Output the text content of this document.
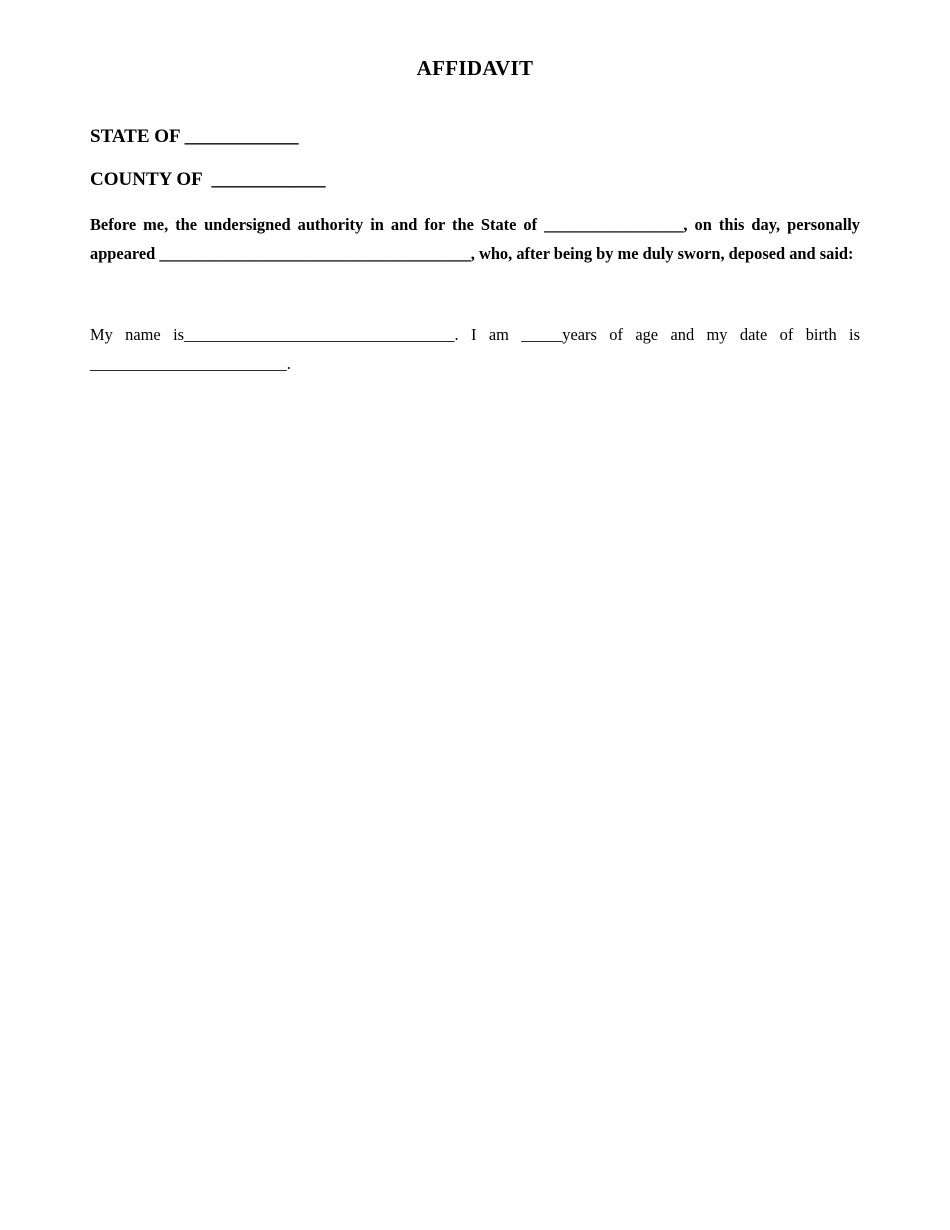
AFFIDAVIT
STATE OF ____________
COUNTY OF  ____________
Before me, the undersigned authority in and for the State of _________________, on this day, personally appeared ______________________________________, who, after being by me duly sworn, deposed and said:
My name is_________________________________. I am _____years of age and my date of birth is ________________________.
